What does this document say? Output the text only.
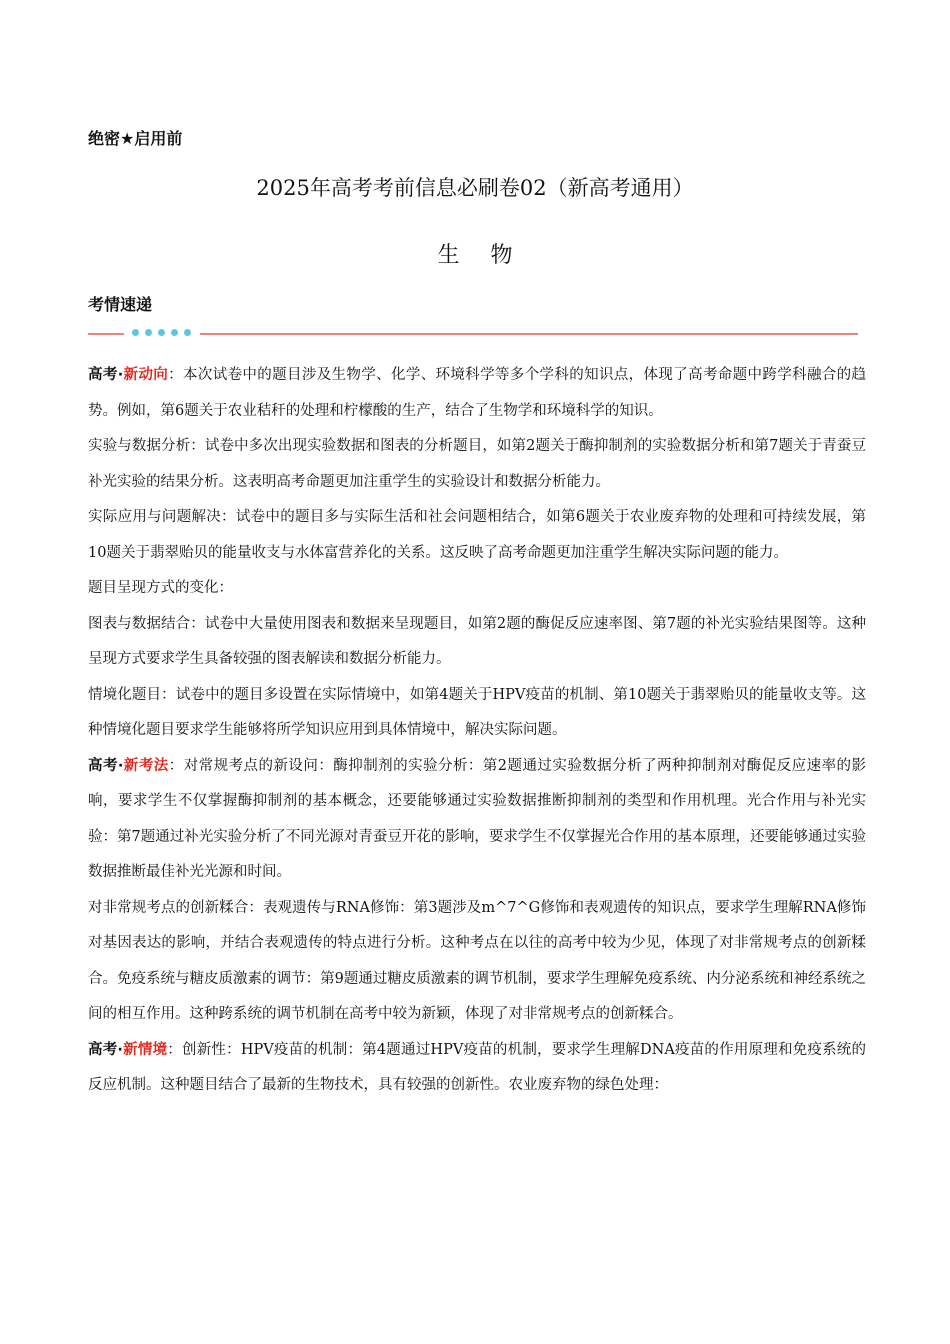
绝密★启用前
2025年高考考前信息必刷卷02（新高考通用）
生 物
考情速递

高考·新动向：本次试卷中的题目涉及生物学、化学、环境科学等多个学科的知识点，体现了高考命题中跨学科融合的趋势。例如，第6题关于农业秸秆的处理和柠檬酸的生产，结合了生物学和环境科学的知识。

实验与数据分析：试卷中多次出现实验数据和图表的分析题目，如第2题关于酶抑制剂的实验数据分析和第7题关于青蚕豆补光实验的结果分析。这表明高考命题更加注重学生的实验设计和数据分析能力。

实际应用与问题解决：试卷中的题目多与实际生活和社会问题相结合，如第6题关于农业废弃物的处理和可持续发展，第10题关于翡翠贻贝的能量收支与水体富营养化的关系。这反映了高考命题更加注重学生解决实际问题的能力。

题目呈现方式的变化：

图表与数据结合：试卷中大量使用图表和数据来呈现题目，如第2题的酶促反应速率图、第7题的补光实验结果图等。这种呈现方式要求学生具备较强的图表解读和数据分析能力。

情境化题目：试卷中的题目多设置在实际情境中，如第4题关于HPV疫苗的机制、第10题关于翡翠贻贝的能量收支等。这种情境化题目要求学生能够将所学知识应用到具体情境中，解决实际问题。

高考·新考法：对常规考点的新设问：酶抑制剂的实验分析：第2题通过实验数据分析了两种抑制剂对酶促反应速率的影响，要求学生不仅掌握酶抑制剂的基本概念，还要能够通过实验数据推断抑制剂的类型和作用机理。光合作用与补光实验：第7题通过补光实验分析了不同光源对青蚕豆开花的影响，要求学生不仅掌握光合作用的基本原理，还要能够通过实验数据推断最佳补光光源和时间。

对非常规考点的创新糅合：表观遗传与RNA修饰：第3题涉及m^7^G修饰和表观遗传的知识点，要求学生理解RNA修饰对基因表达的影响，并结合表观遗传的特点进行分析。这种考点在以往的高考中较为少见，体现了对非常规考点的创新糅合。免疫系统与糖皮质激素的调节：第9题通过糖皮质激素的调节机制，要求学生理解免疫系统、内分泌系统和神经系统之间的相互作用。这种跨系统的调节机制在高考中较为新颖，体现了对非常规考点的创新糅合。

高考·新情境：创新性：HPV疫苗的机制：第4题通过HPV疫苗的机制，要求学生理解DNA疫苗的作用原理和免疫系统的反应机制。这种题目结合了最新的生物技术，具有较强的创新性。农业废弃物的绿色处理：
